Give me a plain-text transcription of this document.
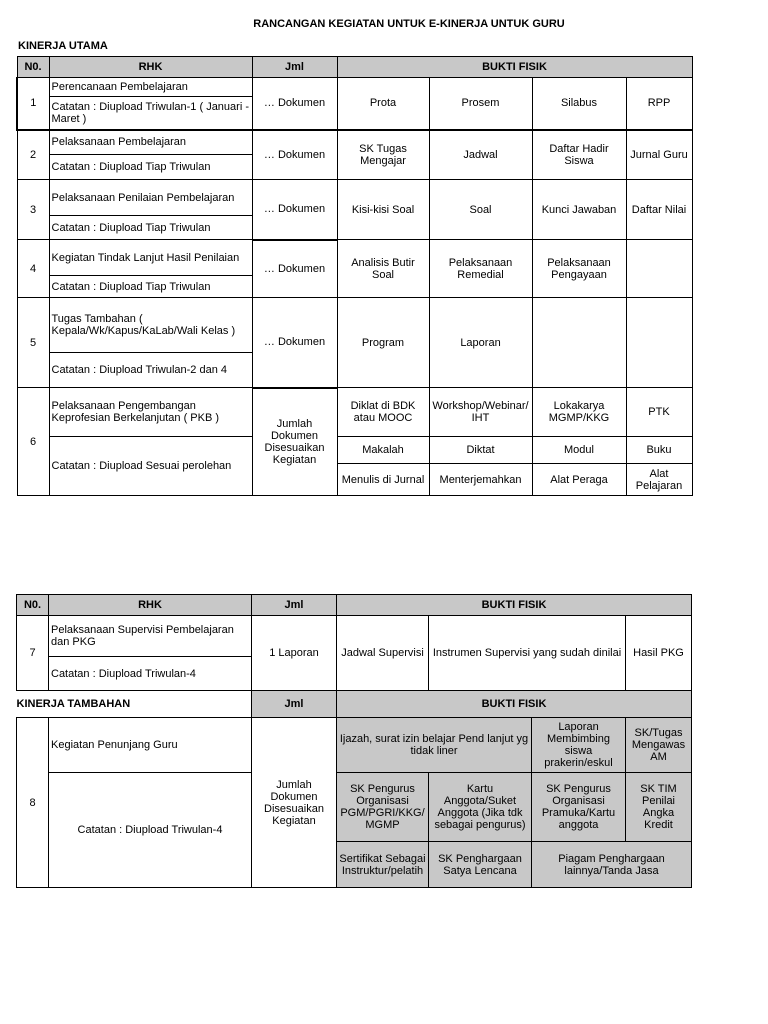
RANCANGAN KEGIATAN UNTUK E-KINERJA UNTUK GURU
KINERJA UTAMA
N0.	RHK	Jml	BUKTI FISIK			
1	Perencanaan Pembelajaran	… Dokumen	Prota	Prosem	Silabus	RPP
	Catatan : Diupload Triwulan-1 ( Januari - Maret )					
2	Pelaksanaan Pembelajaran	… Dokumen	SK Tugas Mengajar	Jadwal	Daftar Hadir Siswa	Jurnal Guru
	Catatan : Diupload Tiap Triwulan					
3	Pelaksanaan Penilaian Pembelajaran	… Dokumen	Kisi-kisi Soal	Soal	Kunci Jawaban	Daftar Nilai
	Catatan : Diupload Tiap Triwulan					
4	Kegiatan Tindak Lanjut Hasil Penilaian	… Dokumen	Analisis Butir Soal	Pelaksanaan Remedial	Pelaksanaan Pengayaan	
	Catatan : Diupload Tiap Triwulan					
5	Tugas Tambahan ( Kepala/Wk/Kapus/KaLab/Wali Kelas )	… Dokumen	Program	Laporan		
	Catatan : Diupload Triwulan-2 dan 4					
6	Pelaksanaan Pengembangan Keprofesian Berkelanjutan ( PKB )	Jumlah Dokumen Disesuaikan Kegiatan	Diklat di BDK atau MOOC	Workshop/Webinar/ IHT	Lokakarya MGMP/KKG	PTK
	Catatan : Diupload Sesuai perolehan		Makalah	Diktat	Modul	Buku
			Menulis di Jurnal	Menterjemahkan	Alat Peraga	Alat Pelajaran
N0.	RHK	Jml	BUKTI FISIK			
7	Pelaksanaan Supervisi Pembelajaran dan PKG	1 Laporan	Jadwal Supervisi	Instrumen Supervisi yang sudah dinilai		Hasil PKG
	Catatan : Diupload Triwulan-4					
KINERJA TAMBAHAN		Jml	BUKTI FISIK			
8	Kegiatan Penunjang Guru	Jumlah Dokumen Disesuaikan Kegiatan	Ijazah, surat izin belajar Pend lanjut yg tidak liner		Laporan Membimbing siswa prakerin/eskul	SK/Tugas Mengawas AM
	Catatan : Diupload Triwulan-4		SK Pengurus Organisasi PGM/PGRI/KKG/ MGMP	Kartu Anggota/Suket Anggota (Jika tdk sebagai pengurus)	SK Pengurus Organisasi Pramuka/Kartu anggota	SK TIM Penilai Angka Kredit
			Sertifikat Sebagai Instruktur/pelatih	SK Penghargaan Satya Lencana	Piagam Penghargaan lainnya/Tanda Jasa	
